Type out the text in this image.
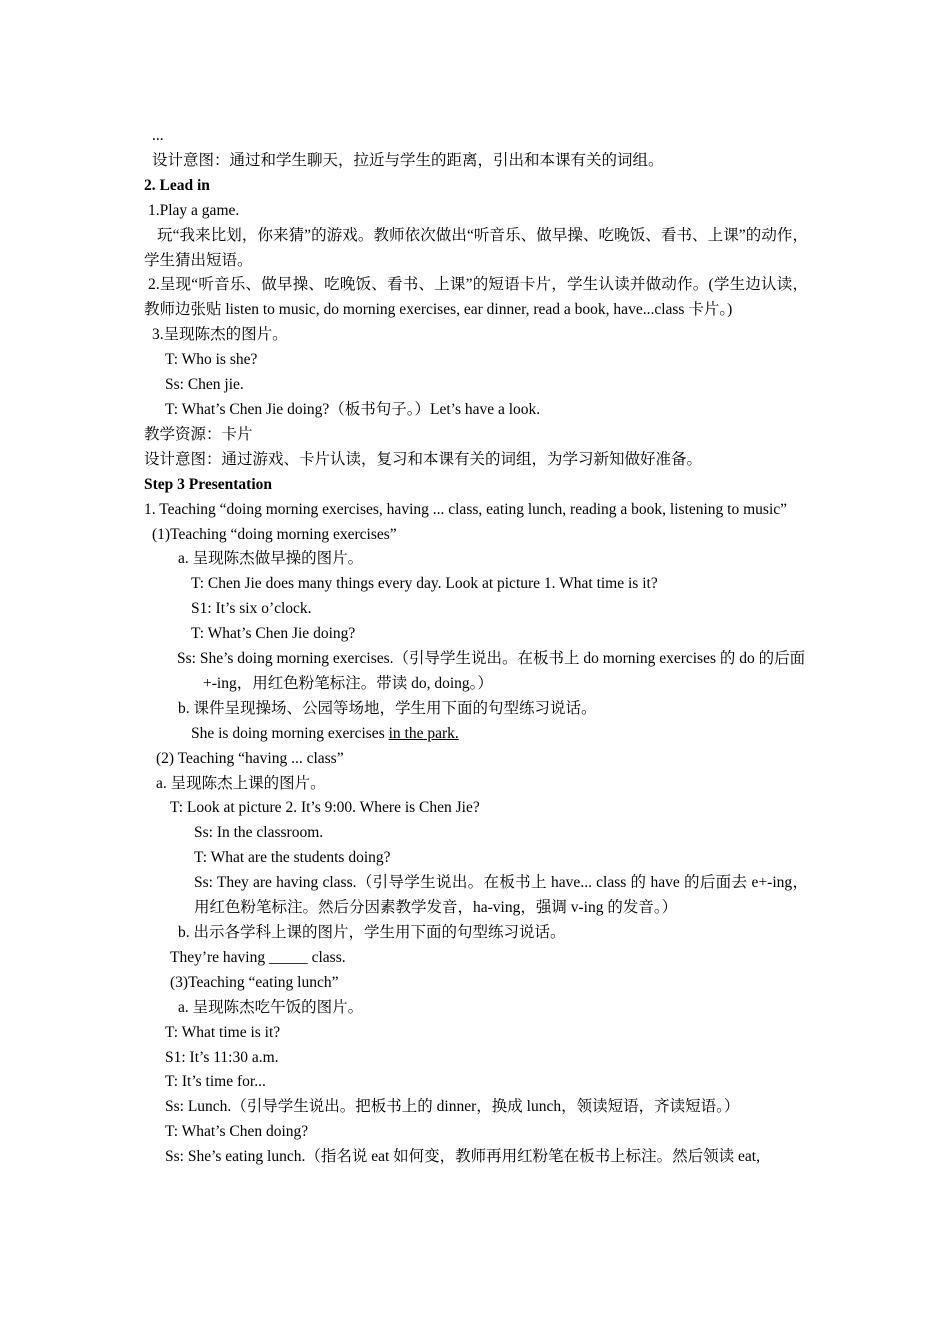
...

设计意图：通过和学生聊天，拉近与学生的距离，引出和本课有关的词组。

2. Lead in

1.Play a game.

玩“我来比划，你来猜”的游戏。教师依次做出“听音乐、做早操、吃晚饭、看书、上课”的动作，学生猜出短语。

2.呈现“听音乐、做早操、吃晚饭、看书、上课”的短语卡片，学生认读并做动作。(学生边认读，教师边张贴 listen to music, do morning exercises, ear dinner, read a book, have...class 卡片。)

3.呈现陈杰的图片。

T: Who is she?

Ss: Chen jie.

T: What’s Chen Jie doing?（板书句子。）Let’s have a look.

教学资源：卡片

设计意图：通过游戏、卡片认读，复习和本课有关的词组，为学习新知做好准备。

Step 3 Presentation

1. Teaching “doing morning exercises, having ... class, eating lunch, reading a book, listening to music”

(1)Teaching “doing morning exercises”

a. 呈现陈杰做早操的图片。

T: Chen Jie does many things every day. Look at picture 1. What time is it?

S1: It’s six o’clock.

T: What’s Chen Jie doing?

Ss: She’s doing morning exercises.（引导学生说出。在板书上 do morning exercises 的 do 的后面+-ing，用红色粉笔标注。带读 do, doing。）

b. 课件呈现操场、公园等场地，学生用下面的句型练习说话。

She is doing morning exercises in the park.

(2) Teaching “having ... class”

a. 呈现陈杰上课的图片。

T: Look at picture 2. It’s 9:00. Where is Chen Jie?

Ss: In the classroom.

T: What are the students doing?

Ss: They are having class.（引导学生说出。在板书上 have... class 的 have 的后面去 e+-ing，用红色粉笔标注。然后分因素教学发音，ha-ving，强调 v-ing 的发音。）

b. 出示各学科上课的图片，学生用下面的句型练习说话。

They’re having _____ class.

(3)Teaching “eating lunch”

a. 呈现陈杰吃午饭的图片。

T: What time is it?

S1: It’s 11:30 a.m.

T: It’s time for...

Ss: Lunch.（引导学生说出。把板书上的 dinner，换成 lunch，领读短语，齐读短语。）

T: What’s Chen doing?

Ss: She’s eating lunch.（指名说 eat 如何变，教师再用红粉笔在板书上标注。然后领读 eat,
